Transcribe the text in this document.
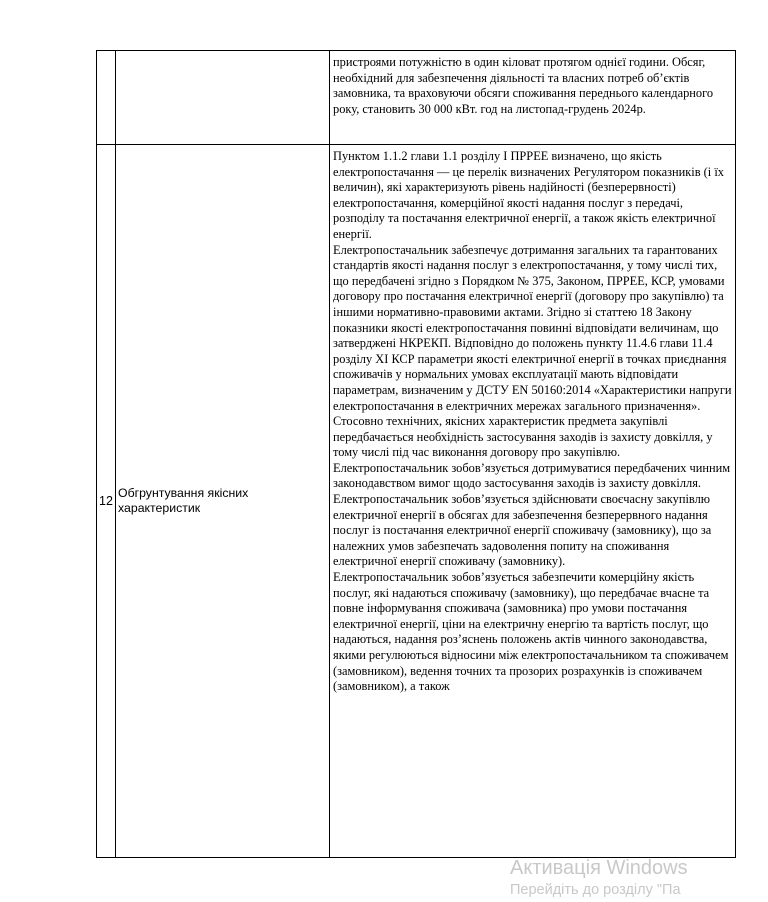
		пристроями потужністю в один кіловат протягом однієї години. Обсяг, необхідний для забезпечення діяльності та власних потреб об’єктів замовника, та враховуючи обсяги споживання переднього календарного року, становить 30 000 кВт. год на листопад-грудень 2024р.

12	Обгрунтування якісних характеристик	Пунктом 1.1.2 глави 1.1 розділу I ПРРЕЕ визначено, що якість електропостачання — це перелік визначених Регулятором показників (і їх величин), які характеризують рівень надійності (безперервності) електропостачання, комерційної якості надання послуг з передачі, розподілу та постачання електричної енергії, а також якість електричної енергії.

Електропостачальник забезпечує дотримання загальних та гарантованих стандартів якості надання послуг з електропостачання, у тому числі тих, що передбачені згідно з Порядком № 375, Законом, ПРРЕЕ, КСР, умовами договору про постачання електричної енергії (договору про закупівлю) та іншими нормативно-правовими актами. Згідно зі статтею 18 Закону показники якості електропостачання повинні відповідати величинам, що затверджені НКРЕКП. Відповідно до положень пункту 11.4.6 глави 11.4 розділу XI КСР параметри якості електричної енергії в точках приєднання споживачів у нормальних умовах експлуатації мають відповідати параметрам, визначеним у ДСТУ EN 50160:2014 «Характеристики напруги електропостачання в електричних мережах загального призначення». Стосовно технічних, якісних характеристик предмета закупівлі передбачається необхідність застосування заходів із захисту довкілля, у тому числі під час виконання договору про закупівлю.

Електропостачальник зобов’язується дотримуватися передбачених чинним законодавством вимог щодо застосування заходів із захисту довкілля.

Електропостачальник зобов’язується здійснювати своєчасну закупівлю електричної енергії в обсягах для забезпечення безперервного надання послуг із постачання електричної енергії споживачу (замовнику), що за належних умов забезпечать задоволення попиту на споживання електричної енергії споживачу (замовнику).

Електропостачальник зобов’язується забезпечити комерційну якість послуг, які надаються споживачу (замовнику), що передбачає вчасне та повне інформування споживача (замовника) про умови постачання електричної енергії, ціни на електричну енергію та вартість послуг, що надаються, надання роз’яснень положень актів чинного законодавства, якими регулюються відносини між електропостачальником та споживачем (замовником), ведення точних та прозорих розрахунків із споживачем (замовником), а також

Активація Windows
Перейдіть до розділу "Па
